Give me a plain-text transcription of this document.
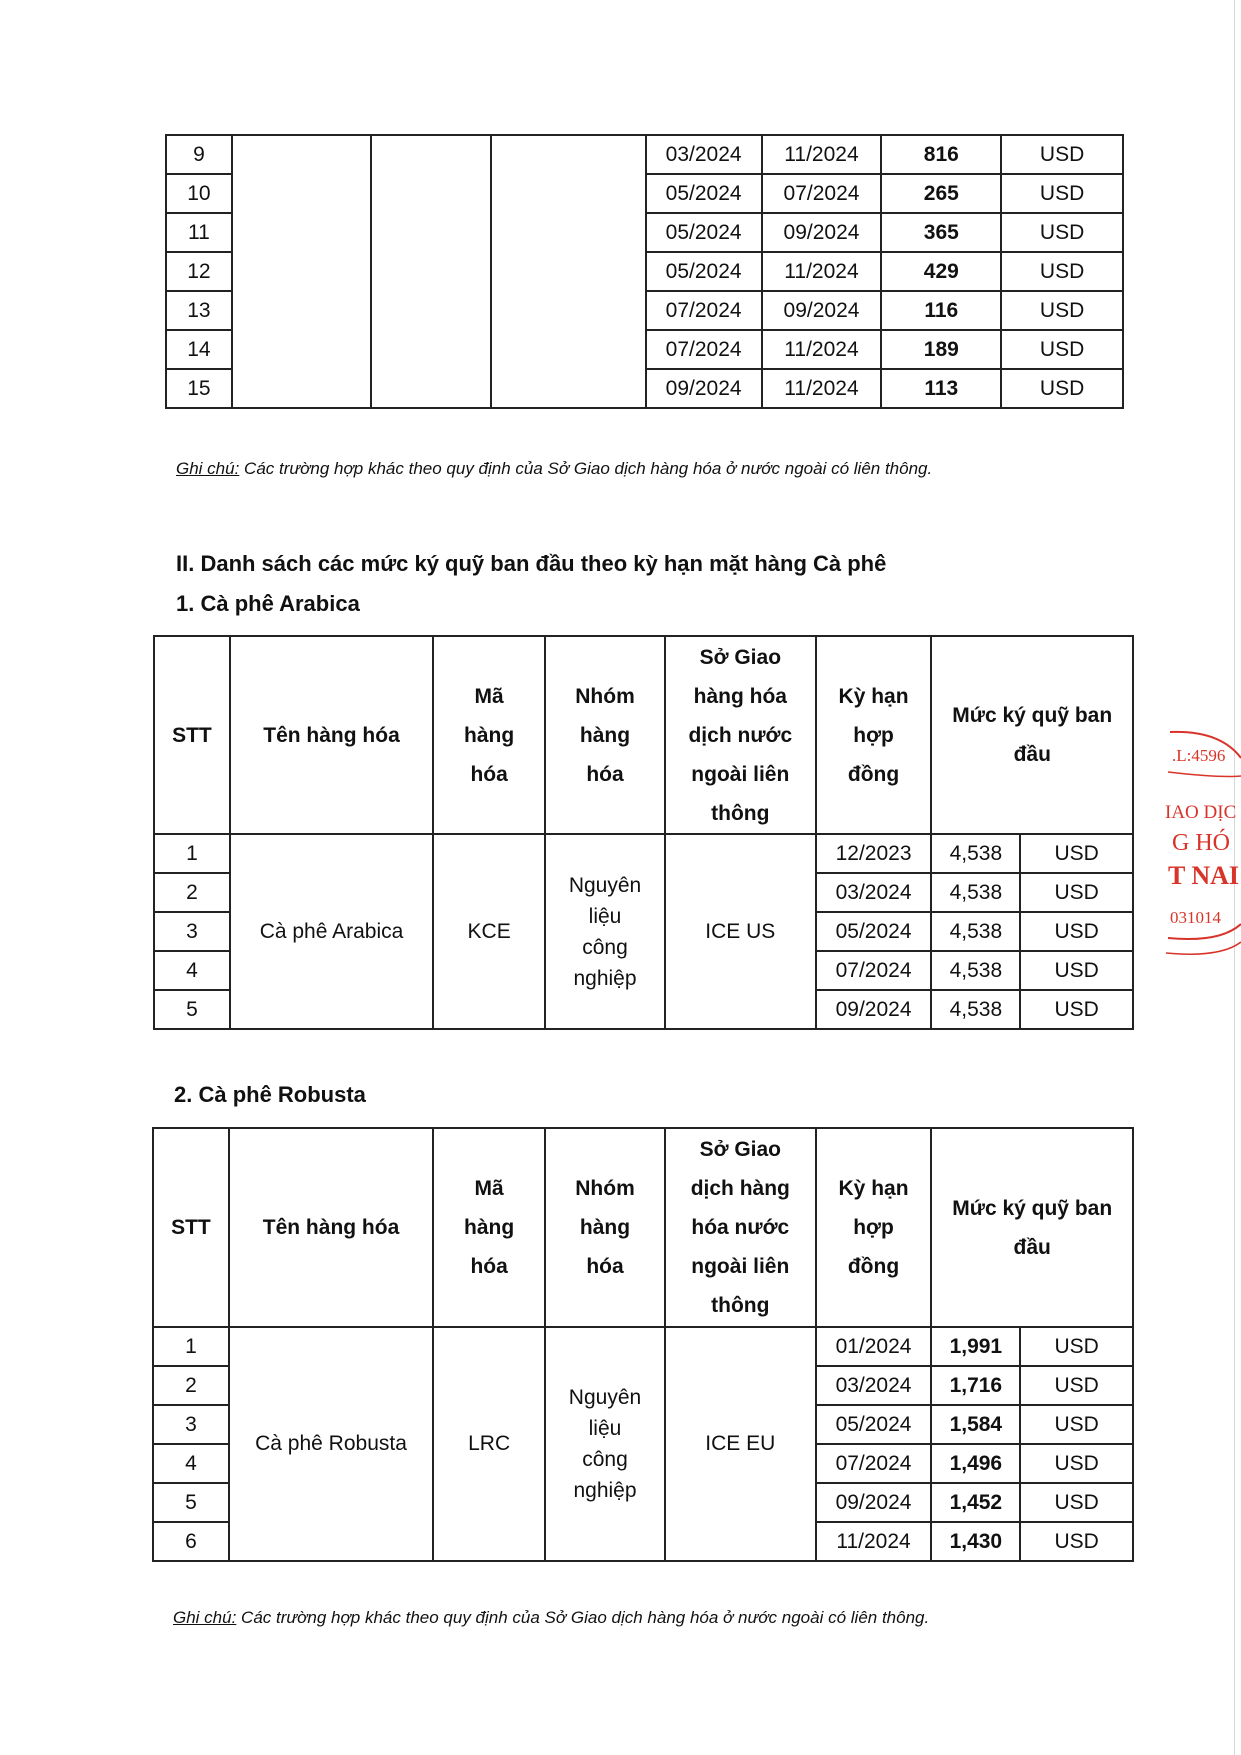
9				03/2024	11/2024	816	USD
10				05/2024	07/2024	265	USD
11				05/2024	09/2024	365	USD
12				05/2024	11/2024	429	USD
13				07/2024	09/2024	116	USD
14				07/2024	11/2024	189	USD
15				09/2024	11/2024	113	USD
Ghi chú: Các trường hợp khác theo quy định của Sở Giao dịch hàng hóa ở nước ngoài có liên thông.
II. Danh sách các mức ký quỹ ban đầu theo kỳ hạn mặt hàng Cà phê
1. Cà phê Arabica
STT	Tên hàng hóa	Mã hàng hóa	Nhóm hàng hóa	Sở Giao hàng hóa dịch nước ngoài liên thông	Kỳ hạn hợp đồng	Mức ký quỹ ban đầu	
1	Cà phê Arabica	KCE	Nguyên liệu công nghiệp	ICE US	12/2023	4,538	USD
2					03/2024	4,538	USD
3					05/2024	4,538	USD
4					07/2024	4,538	USD
5					09/2024	4,538	USD
2. Cà phê Robusta
STT	Tên hàng hóa	Mã hàng hóa	Nhóm hàng hóa	Sở Giao dịch hàng hóa nước ngoài liên thông	Kỳ hạn hợp đồng	Mức ký quỹ ban đầu	
1	Cà phê Robusta	LRC	Nguyên liệu công nghiệp	ICE EU	01/2024	1,991	USD
2					03/2024	1,716	USD
3					05/2024	1,584	USD
4					07/2024	1,496	USD
5					09/2024	1,452	USD
6					11/2024	1,430	USD
Ghi chú: Các trường hợp khác theo quy định của Sở Giao dịch hàng hóa ở nước ngoài có liên thông.
.L:4596
IAO DỊC
G HÓ
T NAI
031014
